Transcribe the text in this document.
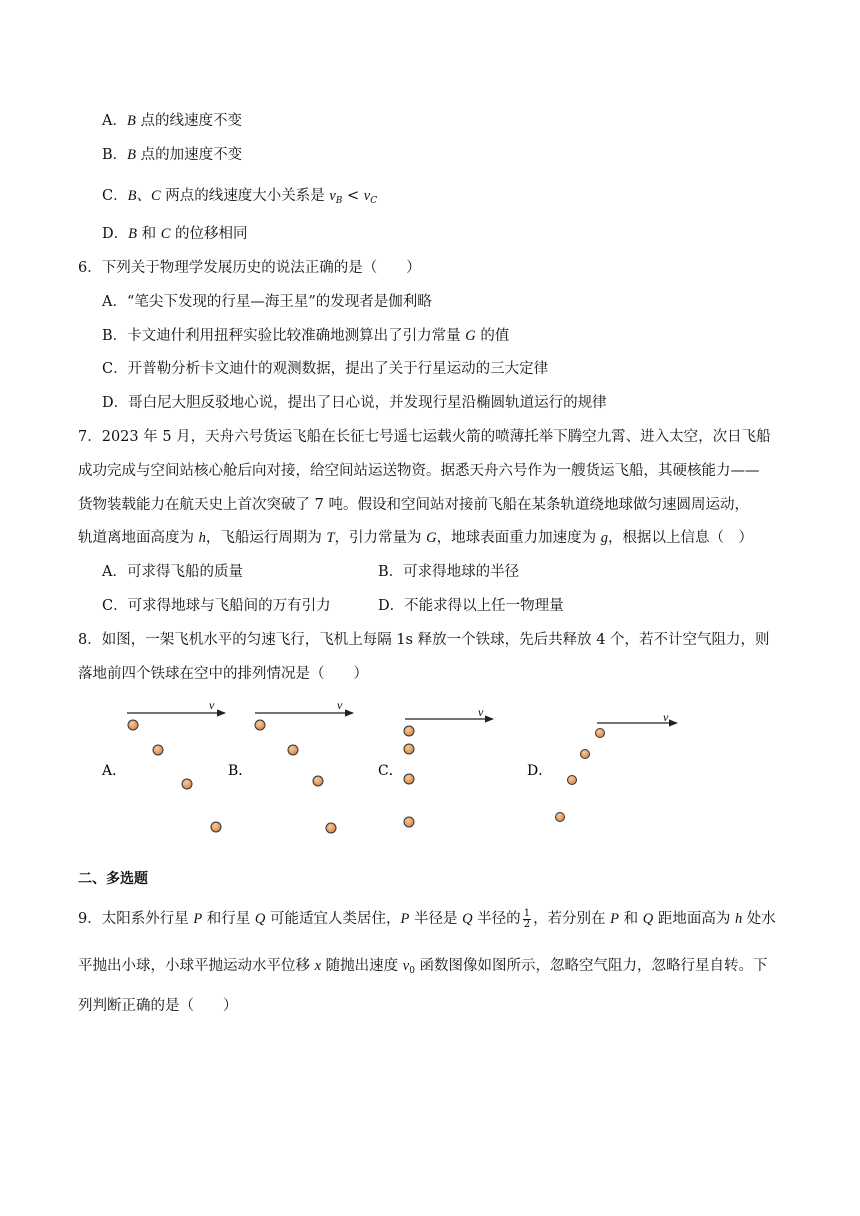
A．B 点的线速度不变
B．B 点的加速度不变
C．B、C 两点的线速度大小关系是 $v_B < v_C$
D．B 和 C 的位移相同
6．下列关于物理学发展历史的说法正确的是（　　）
A．“笔尖下发现的行星—海王星”的发现者是伽利略
B．卡文迪什利用扭秤实验比较准确地测算出了引力常量 G 的值
C．开普勒分析卡文迪什的观测数据，提出了关于行星运动的三大定律
D．哥白尼大胆反驳地心说，提出了日心说，并发现行星沿椭圆轨道运行的规律
7．2023 年 5 月，天舟六号货运飞船在长征七号遥七运载火箭的喷薄托举下腾空九霄、进入太空，次日飞船
成功完成与空间站核心舱后向对接，给空间站运送物资。据悉天舟六号作为一艘货运飞船，其硬核能力——
货物装载能力在航天史上首次突破了 7 吨。假设和空间站对接前飞船在某条轨道绕地球做匀速圆周运动，
轨道离地面高度为 h，飞船运行周期为 T，引力常量为 G，地球表面重力加速度为 g，根据以上信息（　）
A．可求得飞船的质量	B．可求得地球的半径
C．可求得地球与飞船间的万有引力	D．不能求得以上任一物理量
8．如图，一架飞机水平的匀速飞行，飞机上每隔 1s 释放一个铁球，先后共释放 4 个，若不计空气阻力，则
落地前四个铁球在空中的排列情况是（　　）
v
A．
v
B．
v
C．
v
D．
二、多选题
9．太阳系外行星 P 和行星 Q 可能适宜人类居住，P 半径是 Q 半径的 $\frac{1}{2}$ ，若分别在 P 和 Q 距地面高为 h 处水
平抛出小球，小球平抛运动水平位移 x 随抛出速度 $v_0$ 函数图像如图所示，忽略空气阻力，忽略行星自转。下
列判断正确的是（　　）
